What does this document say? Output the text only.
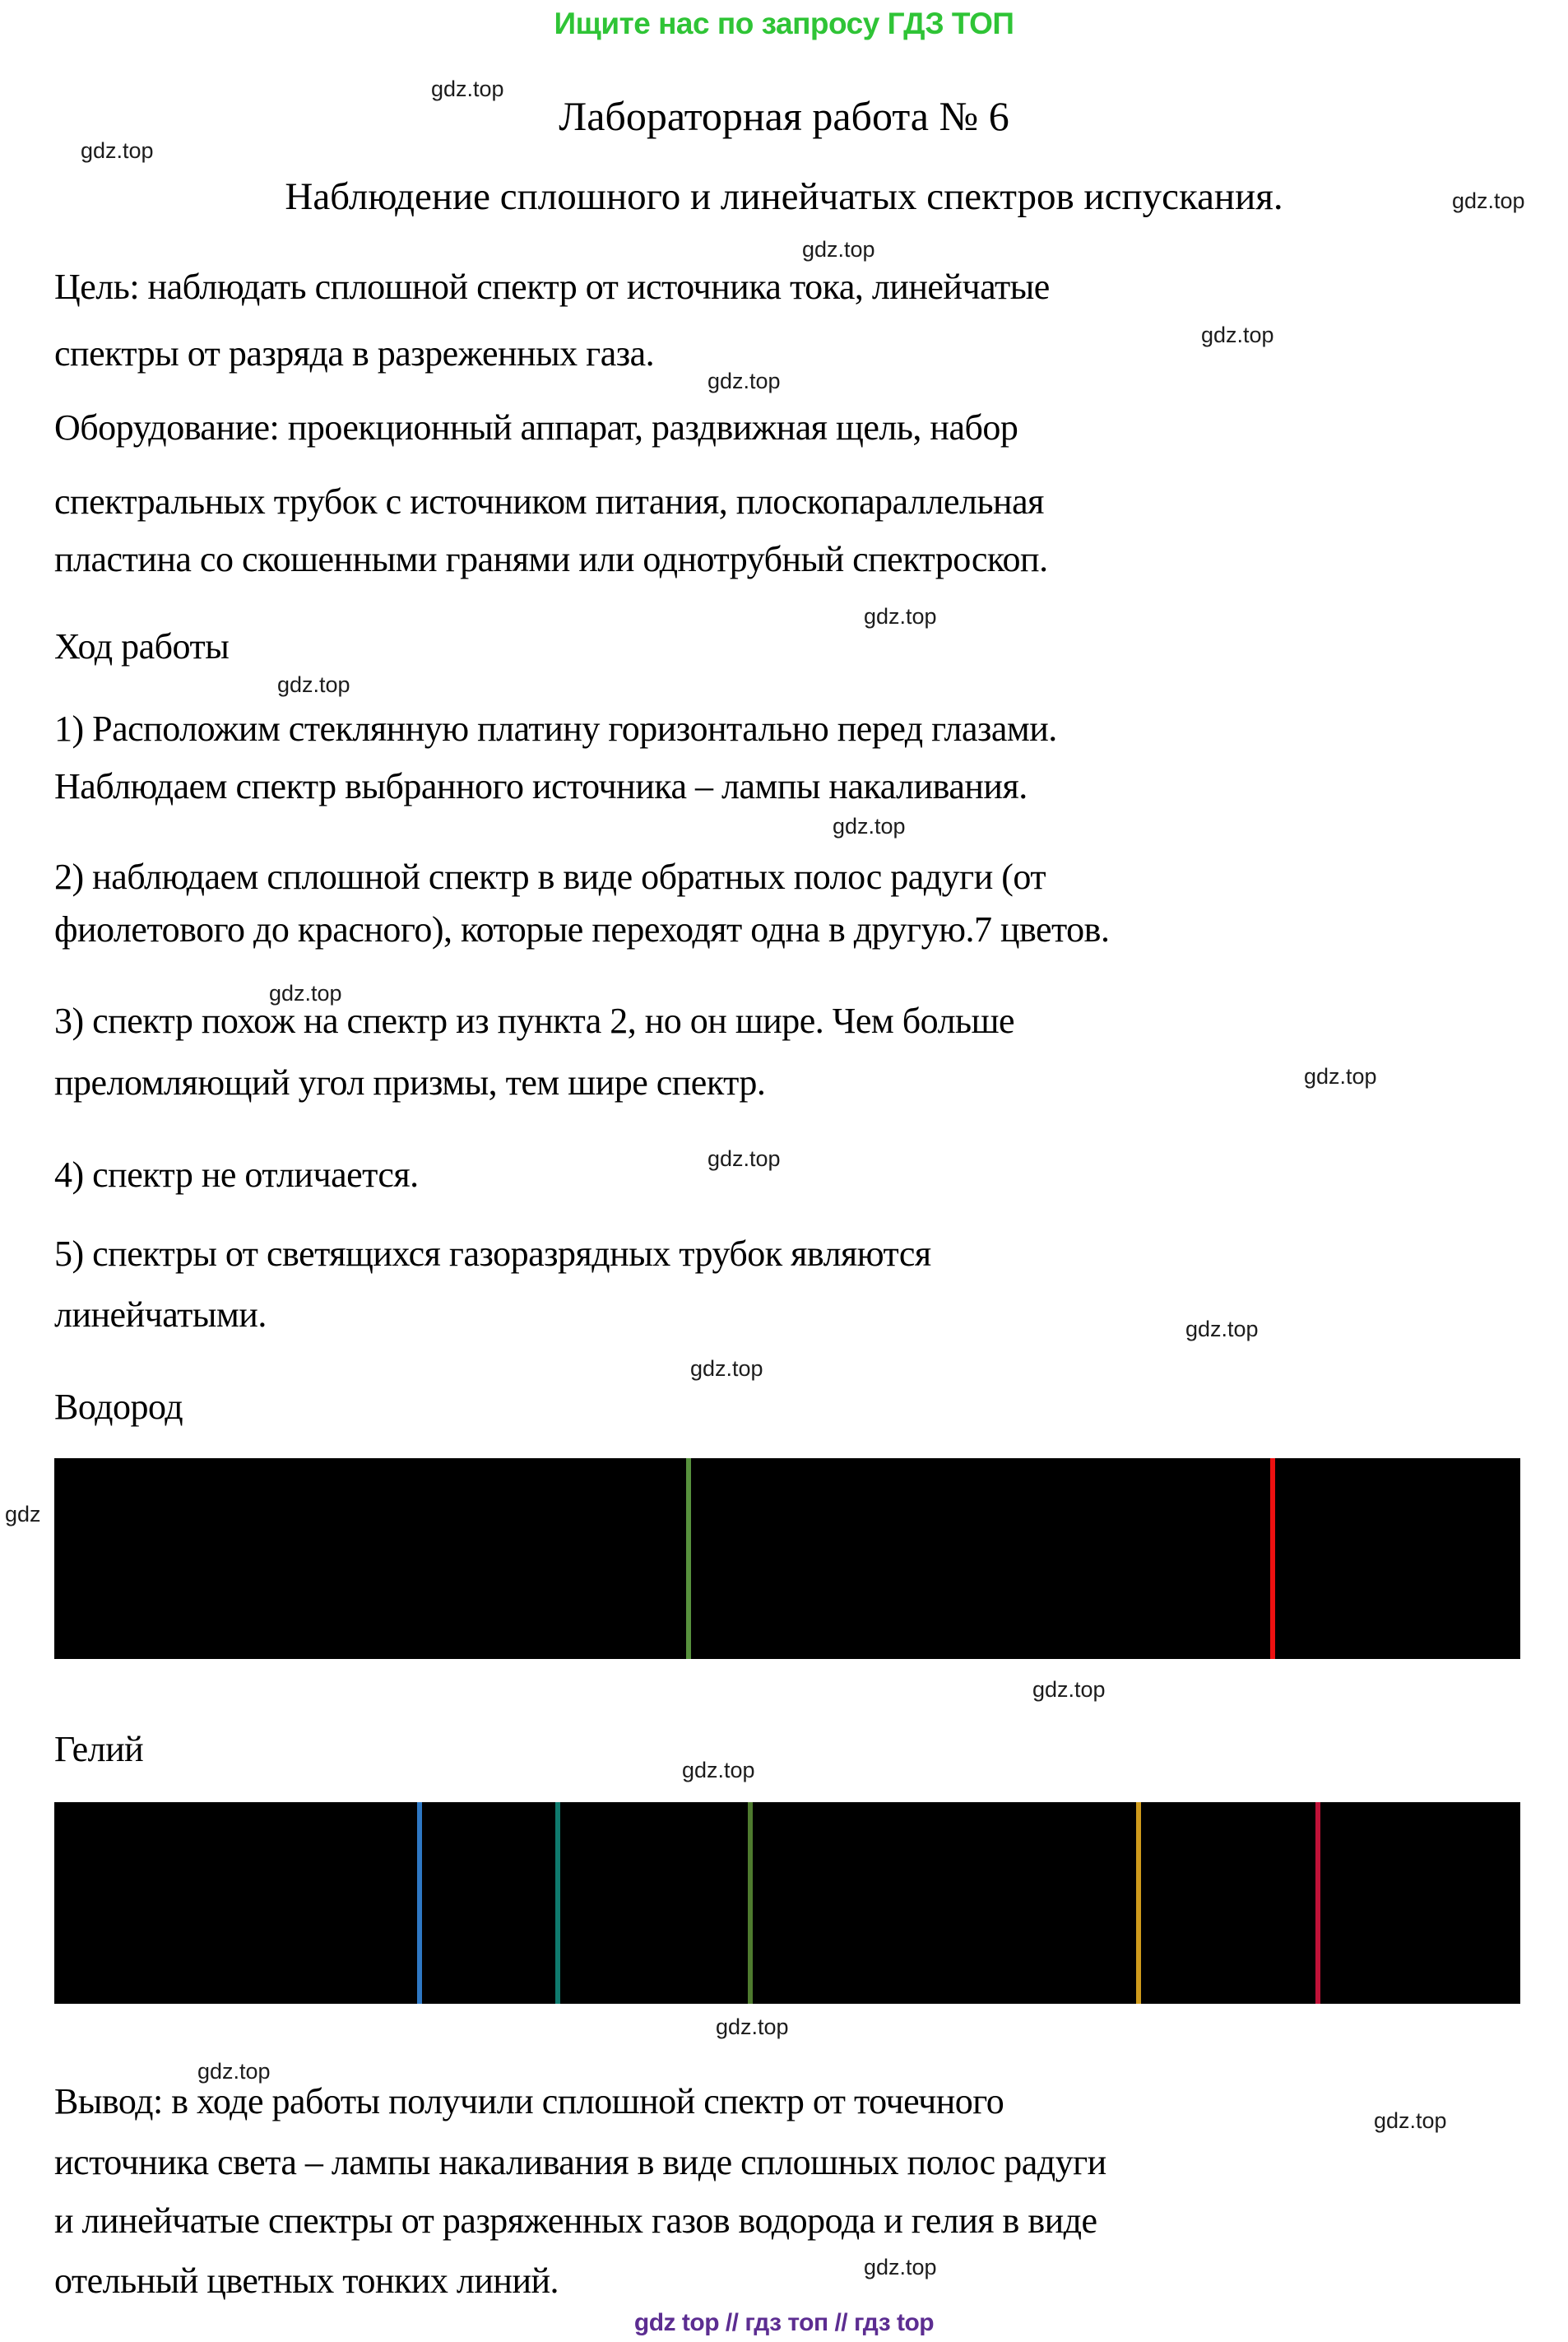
Ищите нас по запросу ГДЗ ТОП
gdz.top
Лабораторная работа № 6
gdz.top
Наблюдение сплошного и линейчатых спектров испускания.	gdz.top
gdz.top
Цель: наблюдать сплошной спектр от источника тока, линейчатые
gdz.top
спектры от разряда в разреженных газа.
gdz.top
Оборудование: проекционный аппарат, раздвижная щель, набор
спектральных трубок с источником питания, плоскопараллельная
пластина со скошенными гранями или однотрубный спектроскоп.
gdz.top
Ход работы
gdz.top
1) Расположим стеклянную платину горизонтально перед глазами.
Наблюдаем спектр выбранного источника – лампы накаливания.
gdz.top
2) наблюдаем сплошной спектр в виде обратных полос радуги (от
фиолетового до красного), которые переходят одна в другую.7 цветов.
gdz.top
3) спектр похож на спектр из пункта 2, но он шире. Чем больше
gdz.top
преломляющий угол призмы, тем шире спектр.
gdz.top
4) спектр не отличается.
5) спектры от светящихся газоразрядных трубок являются
линейчатыми.	gdz.top
gdz.top
Водород
gdz
gdz.top
Гелий
gdz.top
gdz.top
gdz.top
Вывод: в ходе работы получили сплошной спектр от точечного	gdz.top
источника света – лампы накаливания в виде сплошных полос радуги
и линейчатые спектры от разряженных газов водорода и гелия в виде
gdz.top
отельный цветных тонких линий.
gdz top // гдз топ // гдз top
